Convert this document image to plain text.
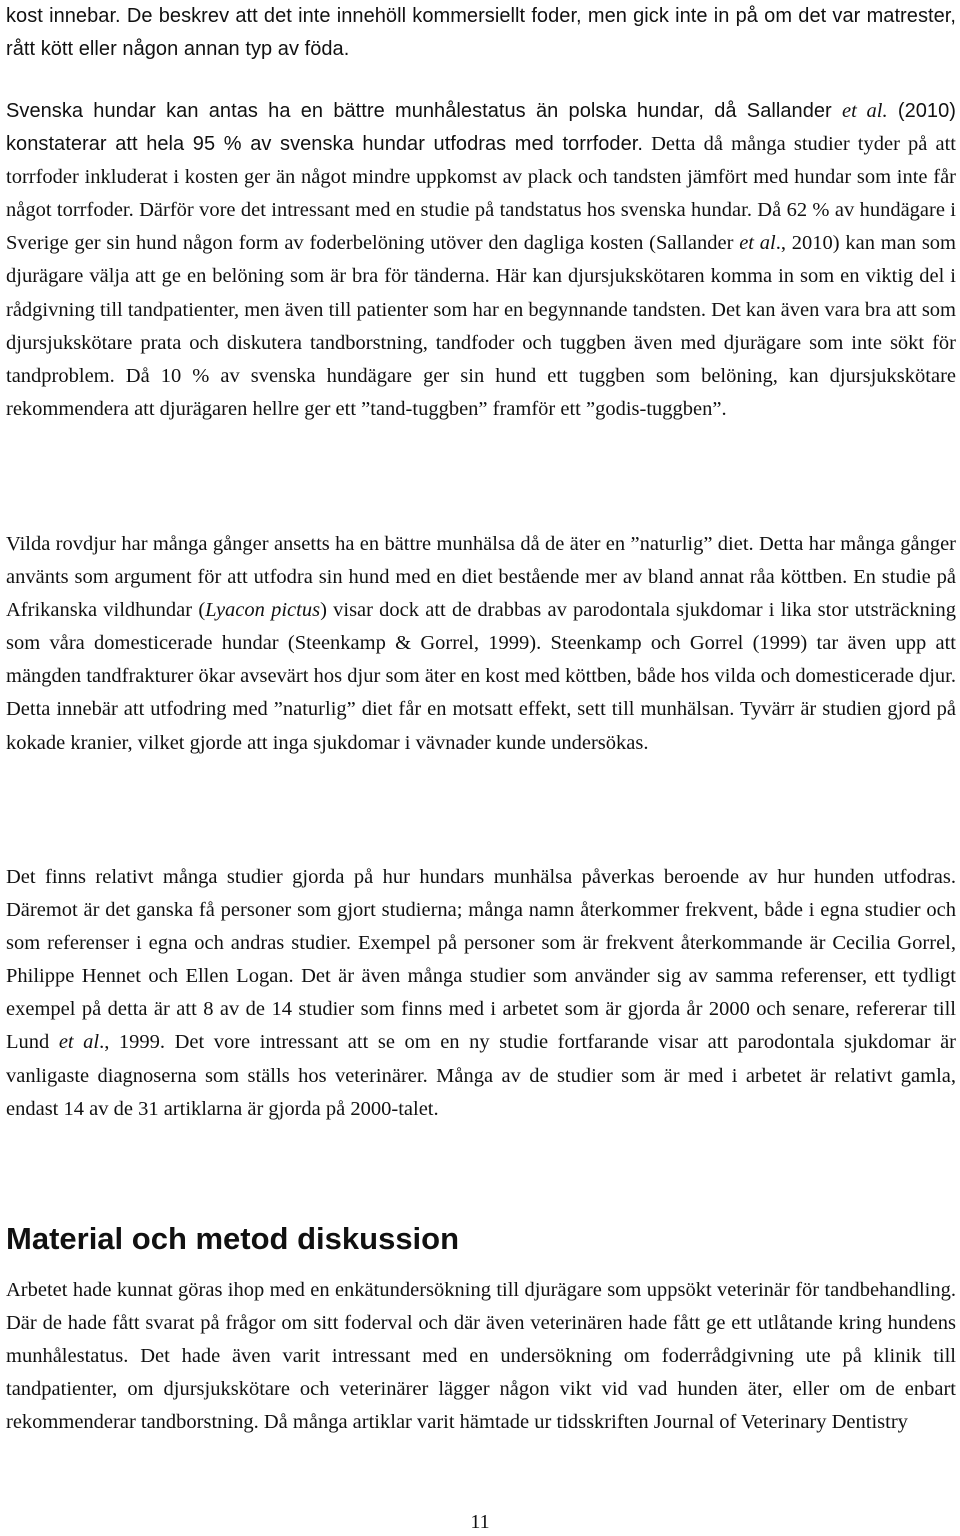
kost innebar. De beskrev att det inte innehöll kommersiellt foder, men gick inte in på om det var matrester, rått kött eller någon annan typ av föda.

Svenska hundar kan antas ha en bättre munhålestatus än polska hundar, då Sallander et al. (2010) konstaterar att hela 95 % av svenska hundar utfodras med torrfoder. Detta då många studier tyder på att torrfoder inkluderat i kosten ger än något mindre uppkomst av plack och tandsten jämfört med hundar som inte får något torrfoder. Därför vore det intressant med en studie på tandstatus hos svenska hundar. Då 62 % av hundägare i Sverige ger sin hund någon form av foderbelöning utöver den dagliga kosten (Sallander et al., 2010) kan man som djurägare välja att ge en belöning som är bra för tänderna. Här kan djursjukskötaren komma in som en viktig del i rådgivning till tandpatienter, men även till patienter som har en begynnande tandsten. Det kan även vara bra att som djursjukskötare prata och diskutera tandborstning, tandfoder och tuggben även med djurägare som inte sökt för tandproblem. Då 10 % av svenska hundägare ger sin hund ett tuggben som belöning, kan djursjukskötare rekommendera att djurägaren hellre ger ett ”tand-tuggben” framför ett ”godis-tuggben”.

Vilda rovdjur har många gånger ansetts ha en bättre munhälsa då de äter en ”naturlig” diet. Detta har många gånger använts som argument för att utfodra sin hund med en diet bestående mer av bland annat råa köttben. En studie på Afrikanska vildhundar (Lyacon pictus) visar dock att de drabbas av parodontala sjukdomar i lika stor utsträckning som våra domesticerade hundar (Steenkamp & Gorrel, 1999). Steenkamp och Gorrel (1999) tar även upp att mängden tandfrakturer ökar avsevärt hos djur som äter en kost med köttben, både hos vilda och domesticerade djur. Detta innebär att utfodring med ”naturlig” diet får en motsatt effekt, sett till munhälsan. Tyvärr är studien gjord på kokade kranier, vilket gjorde att inga sjukdomar i vävnader kunde undersökas.

Det finns relativt många studier gjorda på hur hundars munhälsa påverkas beroende av hur hunden utfodras. Däremot är det ganska få personer som gjort studierna; många namn återkommer frekvent, både i egna studier och som referenser i egna och andras studier. Exempel på personer som är frekvent återkommande är Cecilia Gorrel, Philippe Hennet och Ellen Logan. Det är även många studier som använder sig av samma referenser, ett tydligt exempel på detta är att 8 av de 14 studier som finns med i arbetet som är gjorda år 2000 och senare, refererar till Lund et al., 1999. Det vore intressant att se om en ny studie fortfarande visar att parodontala sjukdomar är vanligaste diagnoserna som ställs hos veterinärer. Många av de studier som är med i arbetet är relativt gamla, endast 14 av de 31 artiklarna är gjorda på 2000-talet.

Material och metod diskussion

Arbetet hade kunnat göras ihop med en enkätundersökning till djurägare som uppsökt veterinär för tandbehandling. Där de hade fått svarat på frågor om sitt foderval och där även veterinären hade fått ge ett utlåtande kring hundens munhålestatus. Det hade även varit intressant med en undersökning om foderrådgivning ute på klinik till tandpatienter, om djursjukskötare och veterinärer lägger någon vikt vid vad hunden äter, eller om de enbart rekommenderar tandborstning. Då många artiklar varit hämtade ur tidsskriften Journal of Veterinary Dentistry

11
